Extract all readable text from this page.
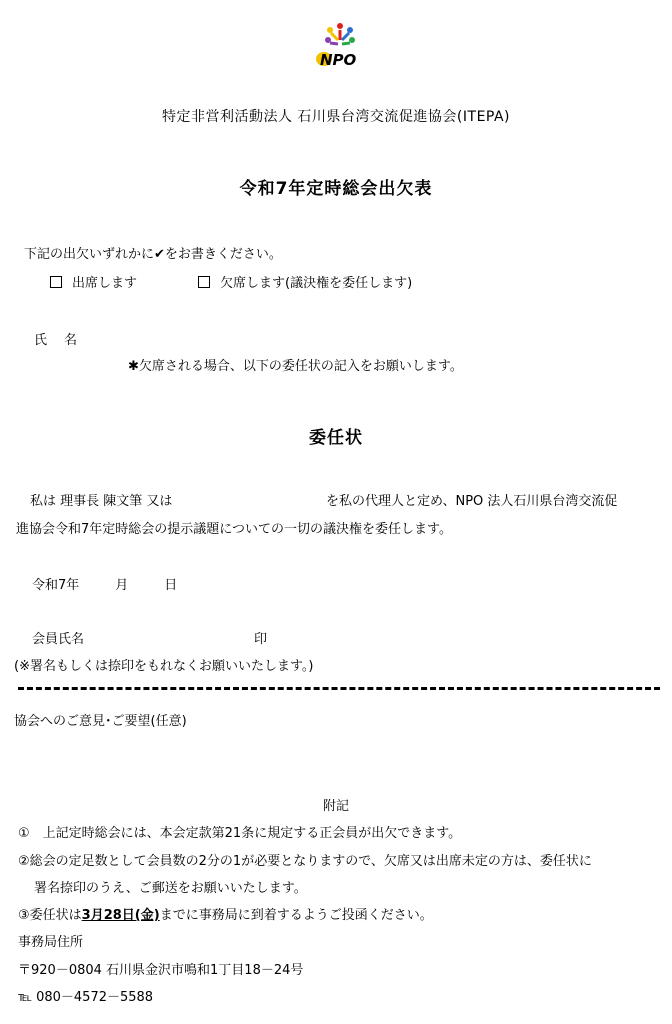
NPO
特定非営利活動法人 石川県台湾交流促進協会(ITEPA)
令和7年定時総会出欠表
下記の出欠いずれかに✔をお書きください。
出席します	欠席します(議決権を委任します)
氏　名
✱欠席される場合、以下の委任状の記入をお願いします。
委任状
私は 理事長 陳文筆 又は	を私の代理人と定め、NPO 法人石川県台湾交流促
進協会令和7年定時総会の提示議題についての一切の議決権を委任します。
令和7年	月	日
会員氏名	印
(※署名もしくは捺印をもれなくお願いいたします。)
協会へのご意見･ご要望(任意)
附記
①　上記定時総会には、本会定款第21条に規定する正会員が出欠できます。
②総会の定足数として会員数の2分の1が必要となりますので、欠席又は出席未定の方は、委任状に
署名捺印のうえ、ご郵送をお願いいたします。
③委任状は3月28日(金)までに事務局に到着するようご投函ください。
事務局住所
〒920－0804 石川県金沢市鳴和1丁目18－24号
℡ 080－4572－5588
